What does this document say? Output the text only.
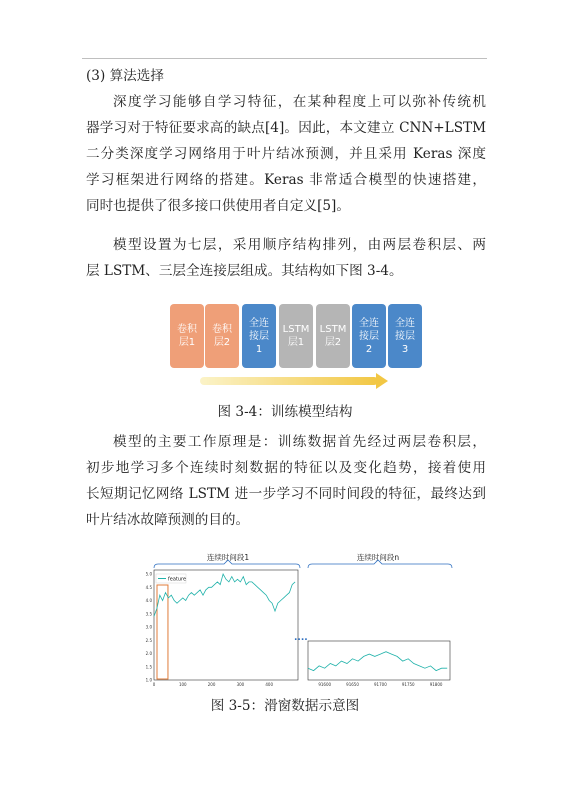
(3) 算法选择
深度学习能够自学习特征，在某种程度上可以弥补传统机
器学习对于特征要求高的缺点[4]。因此，本文建立 CNN+LSTM
二分类深度学习网络用于叶片结冰预测，并且采用 Keras 深度
学习框架进行网络的搭建。Keras 非常适合模型的快速搭建，
同时也提供了很多接口供使用者自定义[5]。
模型设置为七层，采用顺序结构排列，由两层卷积层、两
层 LSTM、三层全连接层组成。其结构如下图 3-4。
卷积
层1
卷积
层2
全连
接层
1
LSTM
层1
LSTM
层2
全连
接层
2
全连
接层
3
图 3-4：训练模型结构
模型的主要工作原理是：训练数据首先经过两层卷积层，
初步地学习多个连续时刻数据的特征以及变化趋势，接着使用
长短期记忆网络 LSTM 进一步学习不同时间段的特征，最终达到
叶片结冰故障预测的目的。
连续时间段1	连续时间段n
5.0
4.5
4.0
3.5
3.0
2.5
2.0
1.5
1.0
0	100	200	300	400
feature
....
91600	91650	91700	91750	91800
图 3-5：滑窗数据示意图
